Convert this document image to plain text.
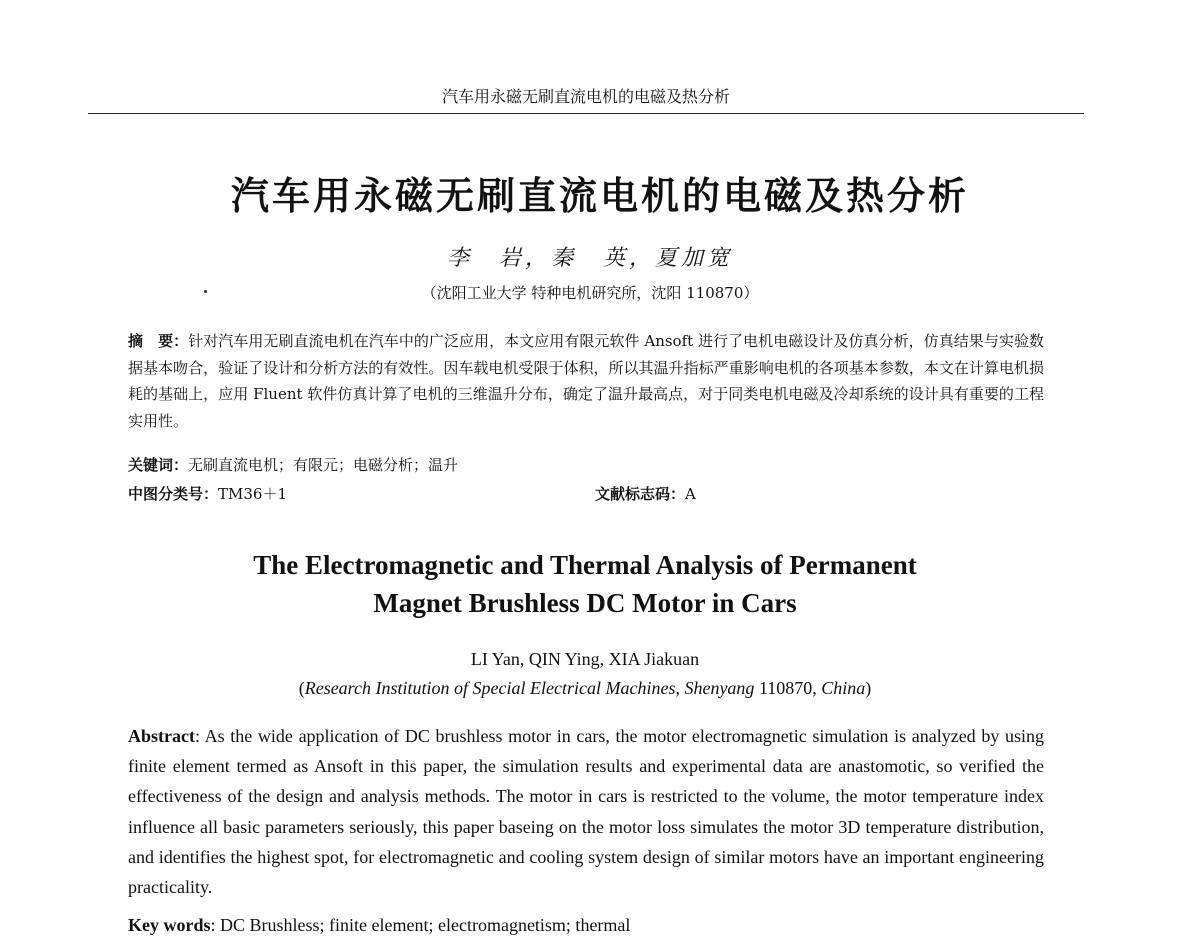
汽车用永磁无刷直流电机的电磁及热分析
汽车用永磁无刷直流电机的电磁及热分析
李　岩，秦　英，夏加宽
（沈阳工业大学 特种电机研究所，沈阳 110870）
摘　要：针对汽车用无刷直流电机在汽车中的广泛应用，本文应用有限元软件 Ansoft 进行了电机电磁设计及仿真分析，仿真结果与实验数据基本吻合，验证了设计和分析方法的有效性。因车载电机受限于体积，所以其温升指标严重影响电机的各项基本参数，本文在计算电机损耗的基础上，应用 Fluent 软件仿真计算了电机的三维温升分布，确定了温升最高点，对于同类电机电磁及冷却系统的设计具有重要的工程实用性。
关键词：无刷直流电机；有限元；电磁分析；温升
中图分类号：TM36＋1	文献标志码：A
The Electromagnetic and Thermal Analysis of Permanent
Magnet Brushless DC Motor in Cars
LI Yan, QIN Ying, XIA Jiakuan
(Research Institution of Special Electrical Machines, Shenyang 110870, China)
Abstract: As the wide application of DC brushless motor in cars, the motor electromagnetic simulation is analyzed by using finite element termed as Ansoft in this paper, the simulation results and experimental data are anastomotic, so verified the effectiveness of the design and analysis methods. The motor in cars is restricted to the volume, the motor temperature index influence all basic parameters seriously, this paper baseing on the motor loss simulates the motor 3D temperature distribution, and identifies the highest spot, for electromagnetic and cooling system design of similar motors have an important engineering practicality.
Key words: DC Brushless; finite element; electromagnetism; thermal
